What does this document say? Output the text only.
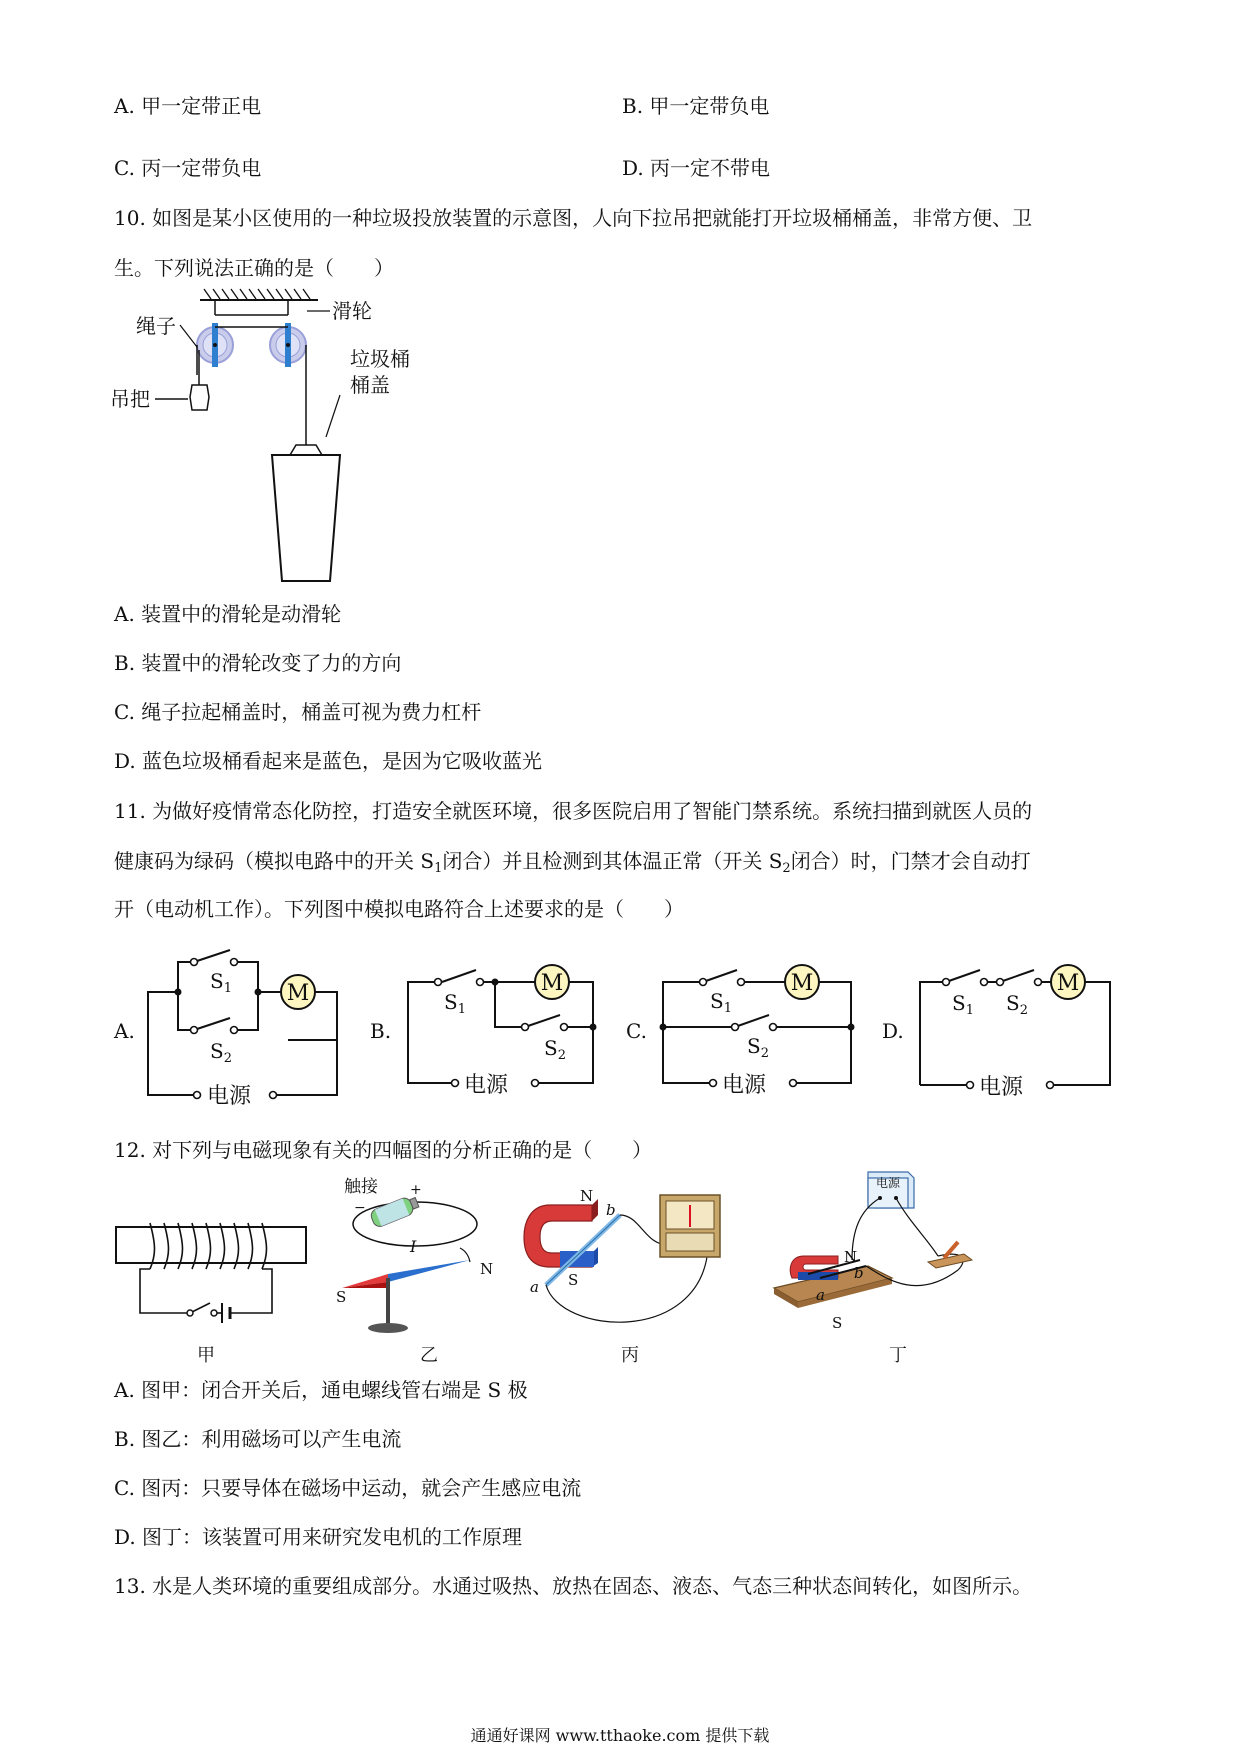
A. 甲一定带正电	B. 甲一定带负电
C. 丙一定带负电	D. 丙一定不带电
10. 如图是某小区使用的一种垃圾投放装置的示意图，人向下拉吊把就能打开垃圾桶桶盖，非常方便、卫
生。下列说法正确的是（　　）
绳子
滑轮
垃圾桶
桶盖
吊把
A. 装置中的滑轮是动滑轮
B. 装置中的滑轮改变了力的方向
C. 绳子拉起桶盖时，桶盖可视为费力杠杆
D. 蓝色垃圾桶看起来是蓝色，是因为它吸收蓝光
11. 为做好疫情常态化防控，打造安全就医环境，很多医院启用了智能门禁系统。系统扫描到就医人员的
健康码为绿码（模拟电路中的开关 $S_1$闭合）并且检测到其体温正常（开关 $S_2$闭合）时，门禁才会自动打
开（电动机工作）。下列图中模拟电路符合上述要求的是（　　）
A.
M
$S_1$
$S_2$
电源
B.
M
$S_1$
$S_2$
电源
C.
M
$S_1$
$S_2$
电源
D.
M
$S_1$ $S_2$
电源
12. 对下列与电磁现象有关的四幅图的分析正确的是（　　）
甲
触接 +
−
I
N
S
乙
N
S
a
b
丙
电源
N
b
a
S
丁
A. 图甲：闭合开关后，通电螺线管右端是 S 极
B. 图乙：利用磁场可以产生电流
C. 图丙：只要导体在磁场中运动，就会产生感应电流
D. 图丁：该装置可用来研究发电机的工作原理
13. 水是人类环境的重要组成部分。水通过吸热、放热在固态、液态、气态三种状态间转化，如图所示。
通通好课网 www.tthaoke.com 提供下载
